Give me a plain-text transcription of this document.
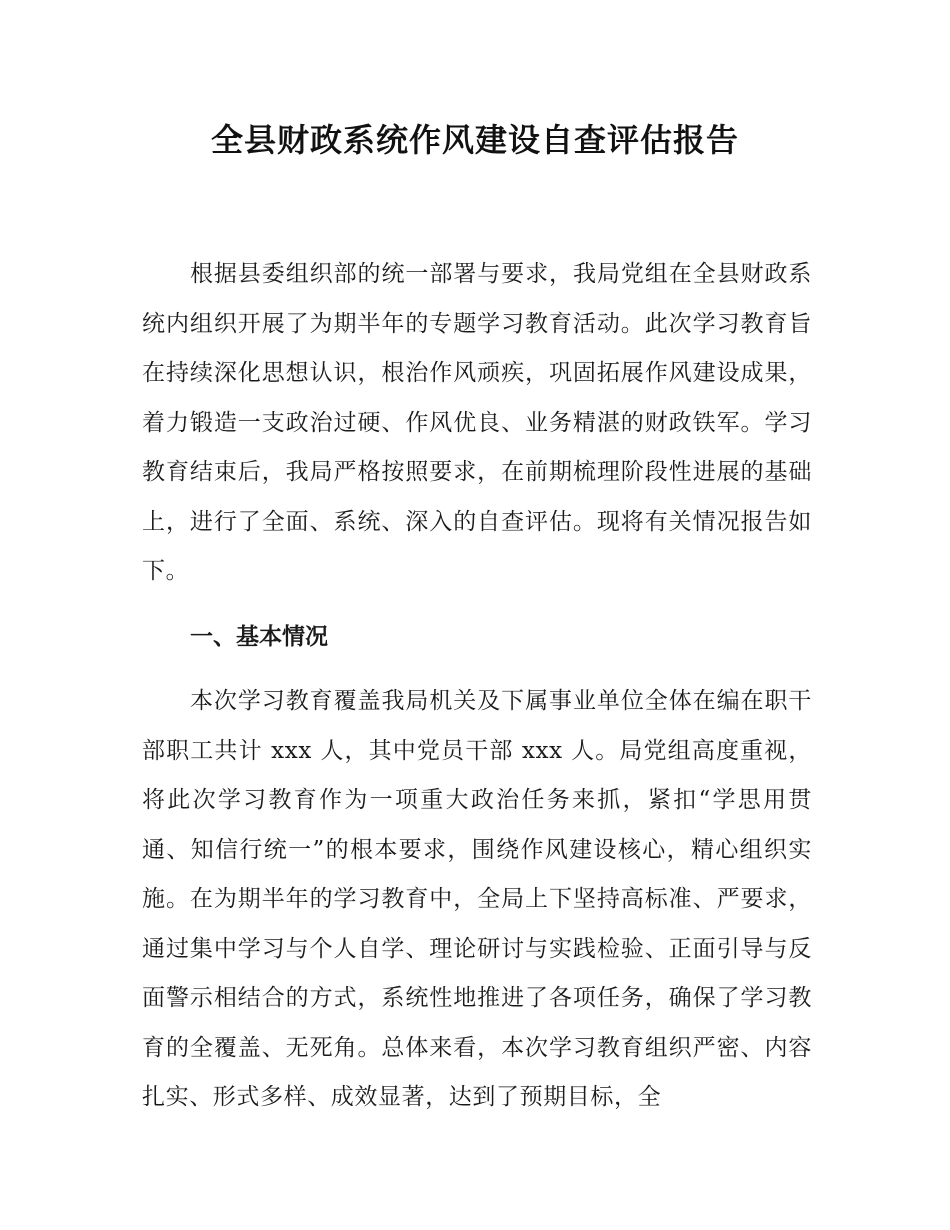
全县财政系统作风建设自查评估报告

根据县委组织部的统一部署与要求，我局党组在全县财政系统内组织开展了为期半年的专题学习教育活动。此次学习教育旨在持续深化思想认识，根治作风顽疾，巩固拓展作风建设成果，着力锻造一支政治过硬、作风优良、业务精湛的财政铁军。学习教育结束后，我局严格按照要求，在前期梳理阶段性进展的基础上，进行了全面、系统、深入的自查评估。现将有关情况报告如下。

一、基本情况

本次学习教育覆盖我局机关及下属事业单位全体在编在职干部职工共计 xxx 人，其中党员干部 xxx 人。局党组高度重视，将此次学习教育作为一项重大政治任务来抓，紧扣“学思用贯通、知信行统一”的根本要求，围绕作风建设核心，精心组织实施。在为期半年的学习教育中，全局上下坚持高标准、严要求，通过集中学习与个人自学、理论研讨与实践检验、正面引导与反面警示相结合的方式，系统性地推进了各项任务，确保了学习教育的全覆盖、无死角。总体来看，本次学习教育组织严密、内容扎实、形式多样、成效显著，达到了预期目标，全
